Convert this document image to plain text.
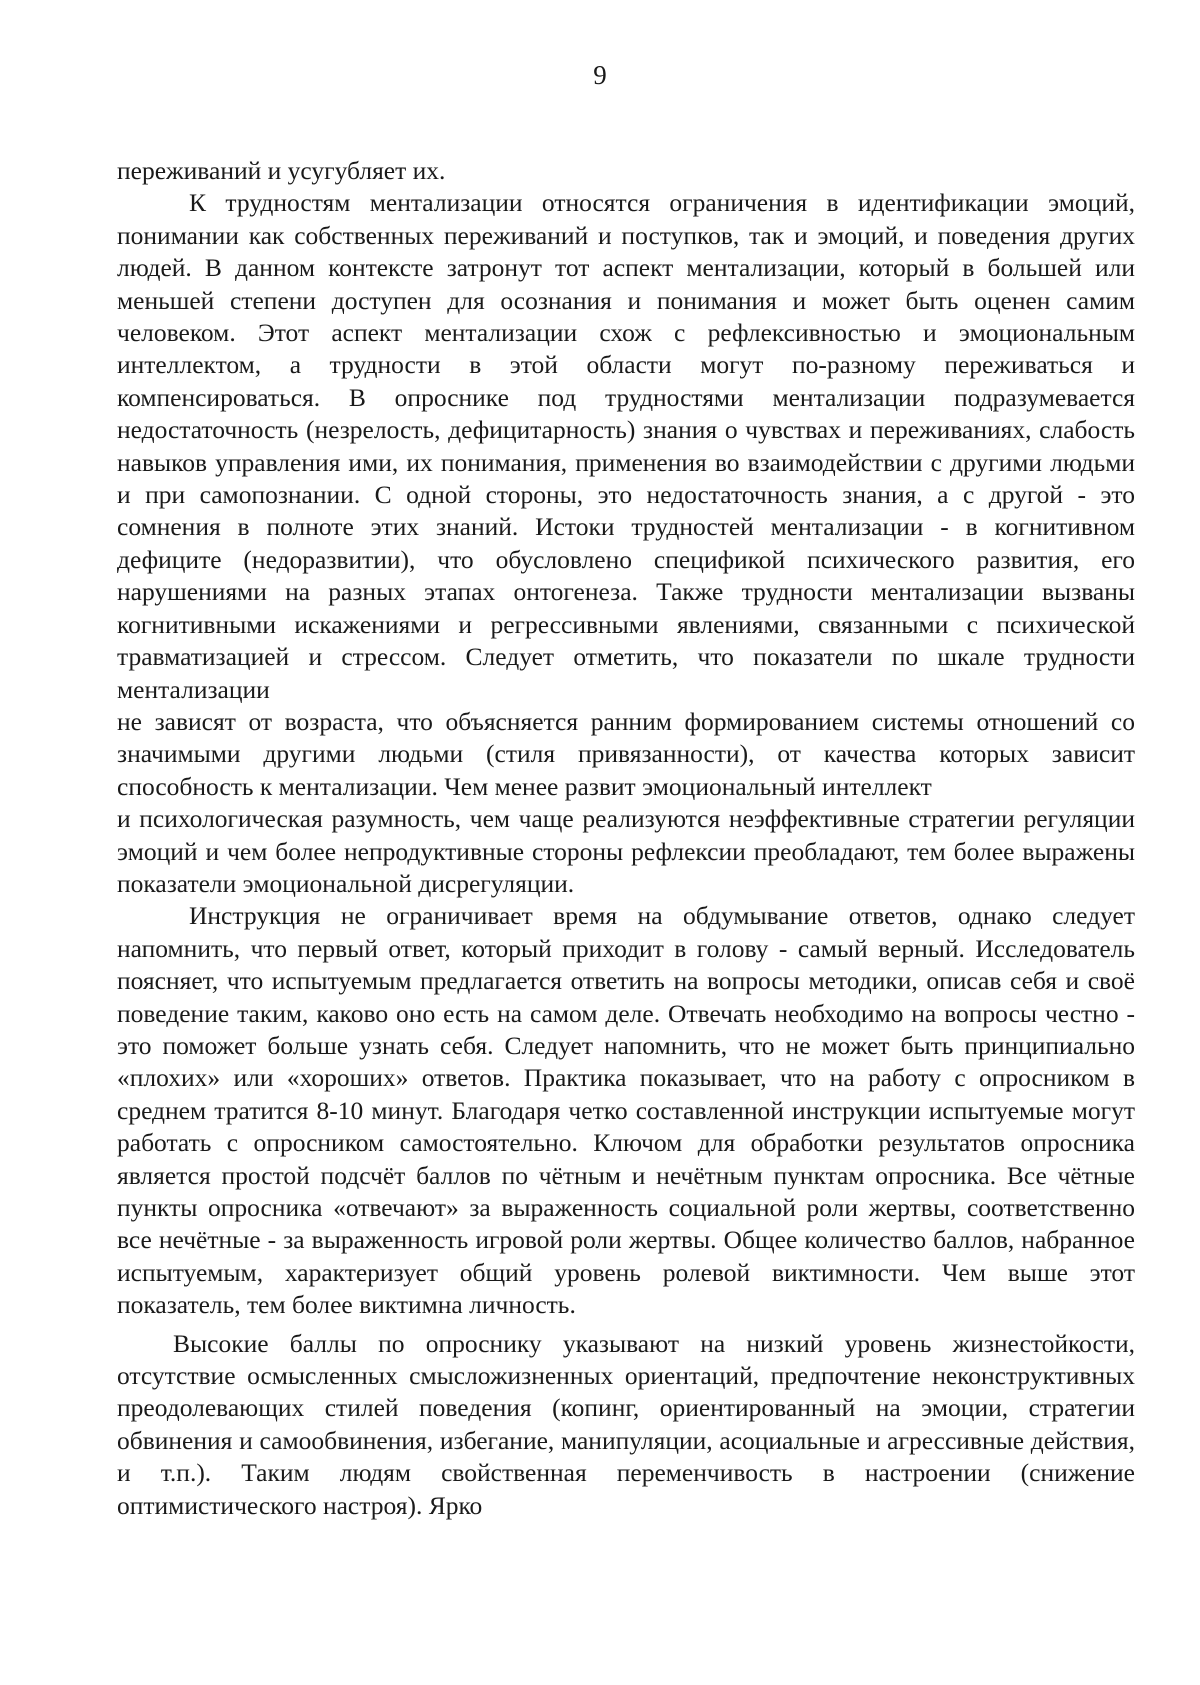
9

переживаний и усугубляет их.

К трудностям ментализации относятся ограничения в идентификации эмоций, понимании как собственных переживаний и поступков, так и эмоций, и поведения других людей. В данном контексте затронут тот аспект ментализации, который в большей или меньшей степени доступен для осознания и понимания и может быть оценен самим человеком. Этот аспект ментализации схож с рефлексивностью и эмоциональным интеллектом, а трудности в этой области могут по-разному переживаться и компенсироваться. В опроснике под трудностями ментализации подразумевается недостаточность (незрелость, дефицитарность) знания о чувствах и переживаниях, слабость навыков управления ими, их понимания, применения во взаимодействии с другими людьми и при самопознании. С одной стороны, это недостаточность знания, а с другой - это сомнения в полноте этих знаний. Истоки трудностей ментализации - в когнитивном дефиците (недоразвитии), что обусловлено спецификой психического развития, его нарушениями на разных этапах онтогенеза. Также трудности ментализации вызваны когнитивными искажениями и регрессивными явлениями, связанными с психической травматизацией и стрессом. Следует отметить, что показатели по шкале трудности ментализации

не зависят от возраста, что объясняется ранним формированием системы отношений со значимыми другими людьми (стиля привязанности), от качества которых зависит способность к ментализации. Чем менее развит эмоциональный интеллект

и психологическая разумность, чем чаще реализуются неэффективные стратегии регуляции эмоций и чем более непродуктивные стороны рефлексии преобладают, тем более выражены показатели эмоциональной дисрегуляции.

Инструкция не ограничивает время на обдумывание ответов, однако следует напомнить, что первый ответ, который приходит в голову - самый верный. Исследователь поясняет, что испытуемым предлагается ответить на вопросы методики, описав себя и своё поведение таким, каково оно есть на самом деле. Отвечать необходимо на вопросы честно - это поможет больше узнать себя. Следует напомнить, что не может быть принципиально «плохих» или «хороших» ответов. Практика показывает, что на работу с опросником в среднем тратится 8-10 минут. Благодаря четко составленной инструкции испытуемые могут работать с опросником самостоятельно. Ключом для обработки результатов опросника является простой подсчёт баллов по чётным и нечётным пунктам опросника. Все чётные пункты опросника «отвечают» за выраженность социальной роли жертвы, соответственно все нечётные - за выраженность игровой роли жертвы. Общее количество баллов, набранное испытуемым, характеризует общий уровень ролевой виктимности. Чем выше этот показатель, тем более виктимна личность.

Высокие баллы по опроснику указывают на низкий уровень жизнестойкости, отсутствие осмысленных смысложизненных ориентаций, предпочтение неконструктивных преодолевающих стилей поведения (копинг, ориентированный на эмоции, стратегии обвинения и самообвинения, избегание, манипуляции, асоциальные и агрессивные действия, и т.п.). Таким людям свойственная переменчивость в настроении (снижение оптимистического настроя). Ярко
